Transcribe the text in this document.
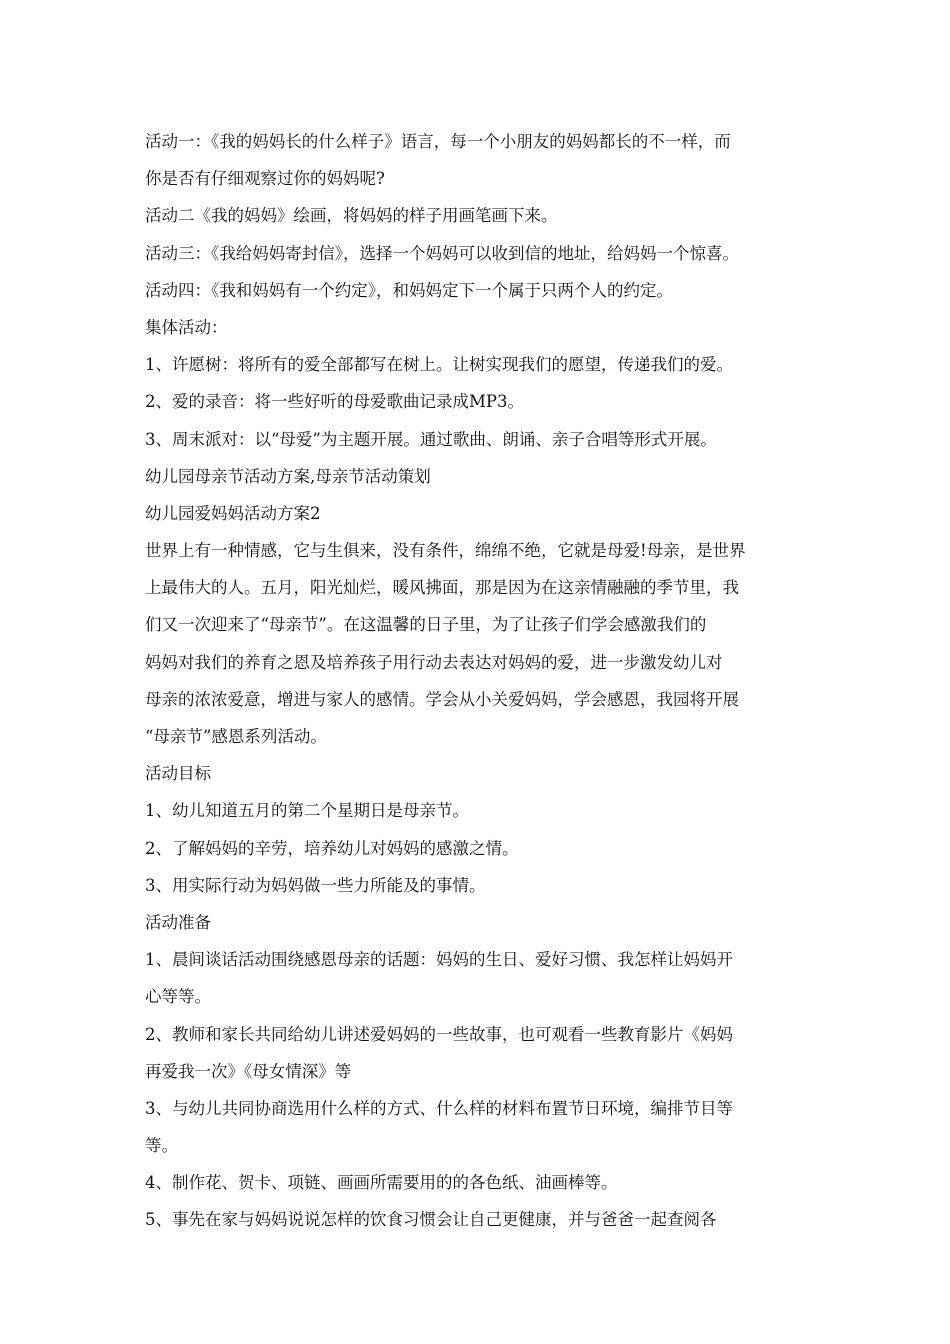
活动一：《我的妈妈长的什么样子》语言，每一个小朋友的妈妈都长的不一样，而
你是否有仔细观察过你的妈妈呢?
活动二《我的妈妈》绘画，将妈妈的样子用画笔画下来。
活动三：《我给妈妈寄封信》，选择一个妈妈可以收到信的地址，给妈妈一个惊喜。
活动四：《我和妈妈有一个约定》，和妈妈定下一个属于只两个人的约定。
集体活动：
1、许愿树：将所有的爱全部都写在树上。让树实现我们的愿望，传递我们的爱。
2、爱的录音：将一些好听的母爱歌曲记录成MP3。
3、周末派对：以“母爱”为主题开展。通过歌曲、朗诵、亲子合唱等形式开展。
幼儿园母亲节活动方案,母亲节活动策划
幼儿园爱妈妈活动方案2
世界上有一种情感，它与生俱来，没有条件，绵绵不绝，它就是母爱!母亲，是世界
上最伟大的人。五月，阳光灿烂，暖风拂面，那是因为在这亲情融融的季节里，我
们又一次迎来了“母亲节”。在这温馨的日子里，为了让孩子们学会感激我们的
妈妈对我们的养育之恩及培养孩子用行动去表达对妈妈的爱，进一步激发幼儿对
母亲的浓浓爱意，增进与家人的感情。学会从小关爱妈妈，学会感恩，我园将开展
“母亲节”感恩系列活动。
活动目标
1、幼儿知道五月的第二个星期日是母亲节。
2、了解妈妈的辛劳，培养幼儿对妈妈的感激之情。
3、用实际行动为妈妈做一些力所能及的事情。
活动准备
1、晨间谈话活动围绕感恩母亲的话题：妈妈的生日、爱好习惯、我怎样让妈妈开
心等等。
2、教师和家长共同给幼儿讲述爱妈妈的一些故事，也可观看一些教育影片《妈妈
再爱我一次》《母女情深》等
3、与幼儿共同协商选用什么样的方式、什么样的材料布置节日环境，编排节目等
等。
4、制作花、贺卡、项链、画画所需要用的的各色纸、油画棒等。
5、事先在家与妈妈说说怎样的饮食习惯会让自己更健康，并与爸爸一起查阅各
